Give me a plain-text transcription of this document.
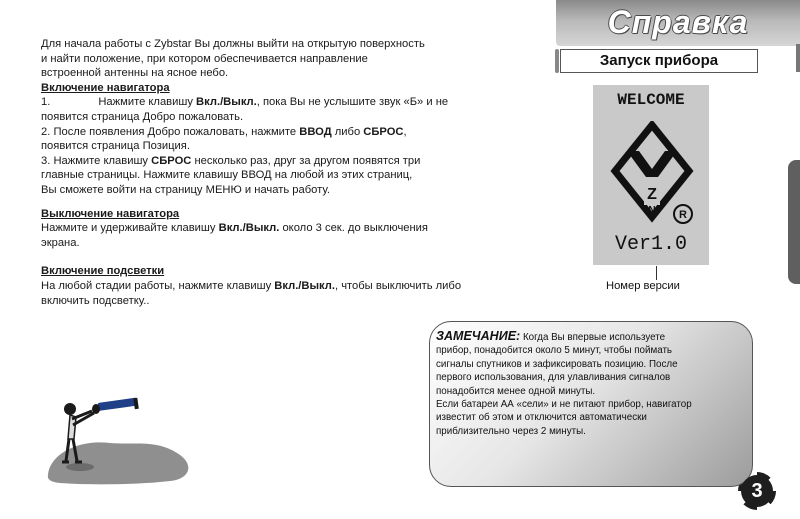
Справка
Запуск прибора

Для начала работы с Zybstar Вы должны выйти на открытую поверхность

и найти положение, при котором обеспечивается направление

встроенной антенны на ясное небо.

Включение навигатора

1.	Нажмите клавишу Вкл./Выкл., пока Вы не услышите звук «Б» и не

появится страница Добро пожаловать.

2. После появления Добро пожаловать, нажмите ВВОД либо СБРОС,

появится страница Позиция.

3. Нажмите клавишу СБРОС несколько раз, друг за другом появятся три

главные страницы. Нажмите клавишу ВВОД на любой из этих страниц,

Вы сможете войти на страницу МЕНЮ и начать работу.

Выключение навигатора

Нажмите и удерживайте клавишу Вкл./Выкл. около 3 сек. до выключения

экрана.

Включение подсветки

На любой стадии работы, нажмите клавишу Вкл./Выкл., чтобы выключить либо

включить подсветку..

WELCOME
Z
N R
Ver1.0
Номер версии

ЗАМЕЧАНИЕ: Когда Вы впервые используете

прибор, понадобится около 5 минут, чтобы поймать

сигналы спутников и зафиксировать позицию. После

первого использования, для улавливания сигналов

понадобится менее одной минуты.

Если батареи АА «сели» и не питают прибор, навигатор

известит об этом и отключится автоматически

приблизительно через 2 минуты.

3
